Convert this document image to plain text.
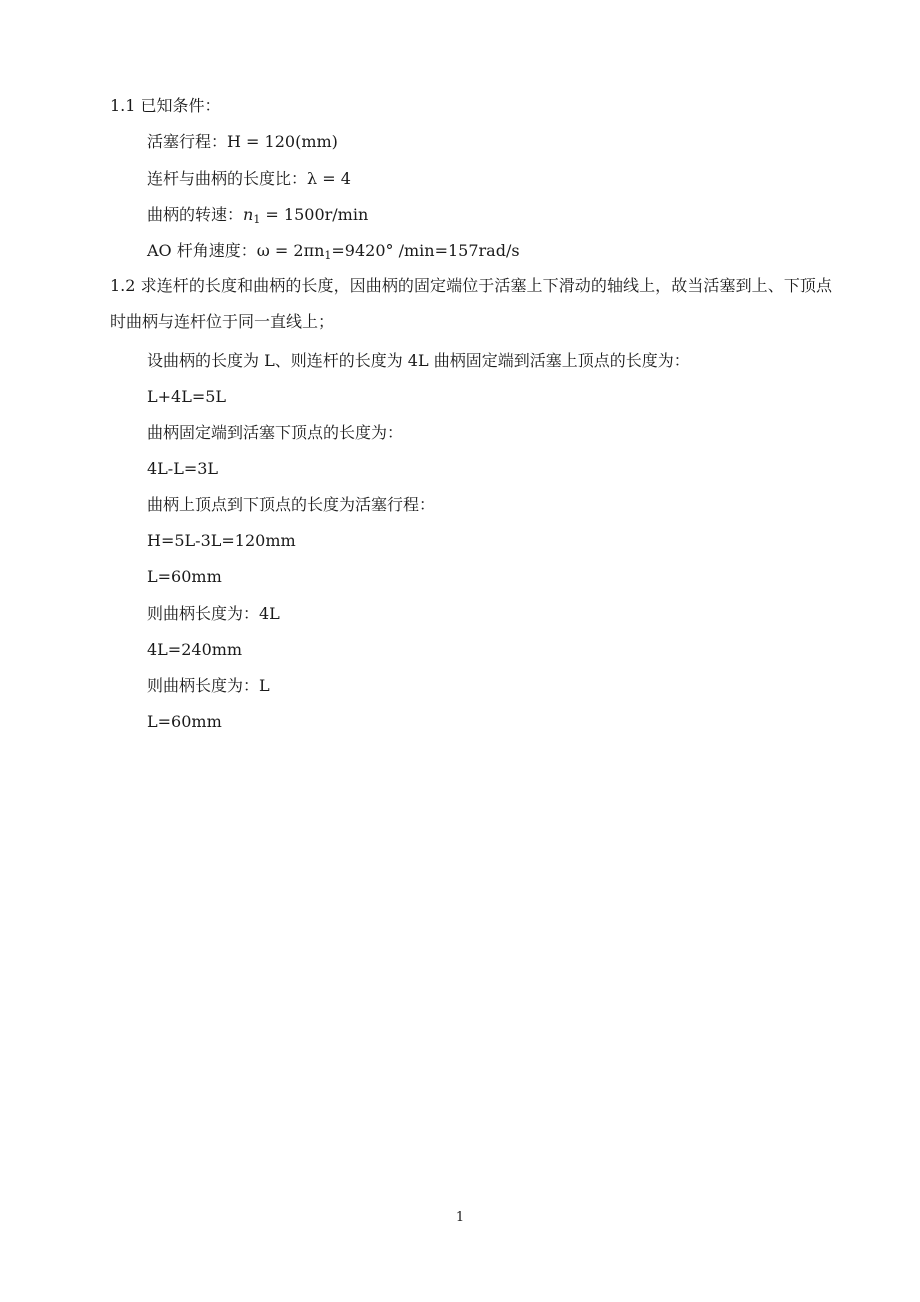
1.1 已知条件：
活塞行程：H = 120(mm)
连杆与曲柄的长度比：λ = 4
曲柄的转速：$n_1 = 1500r/\min$
AO 杆角速度：$\omega = 2\pi n_1=9420^\circ$ /min=157rad/s
1.2 求连杆的长度和曲柄的长度，因曲柄的固定端位于活塞上下滑动的轴线上，故当活塞到上、下顶点时曲柄与连杆位于同一直线上；
设曲柄的长度为 L、则连杆的长度为 4L 曲柄固定端到活塞上顶点的长度为：
L+4L=5L
曲柄固定端到活塞下顶点的长度为：
4L-L=3L
曲柄上顶点到下顶点的长度为活塞行程：
H=5L-3L=120mm
L=60mm
则曲柄长度为：4L
4L=240mm
则曲柄长度为：L
L=60mm
1
